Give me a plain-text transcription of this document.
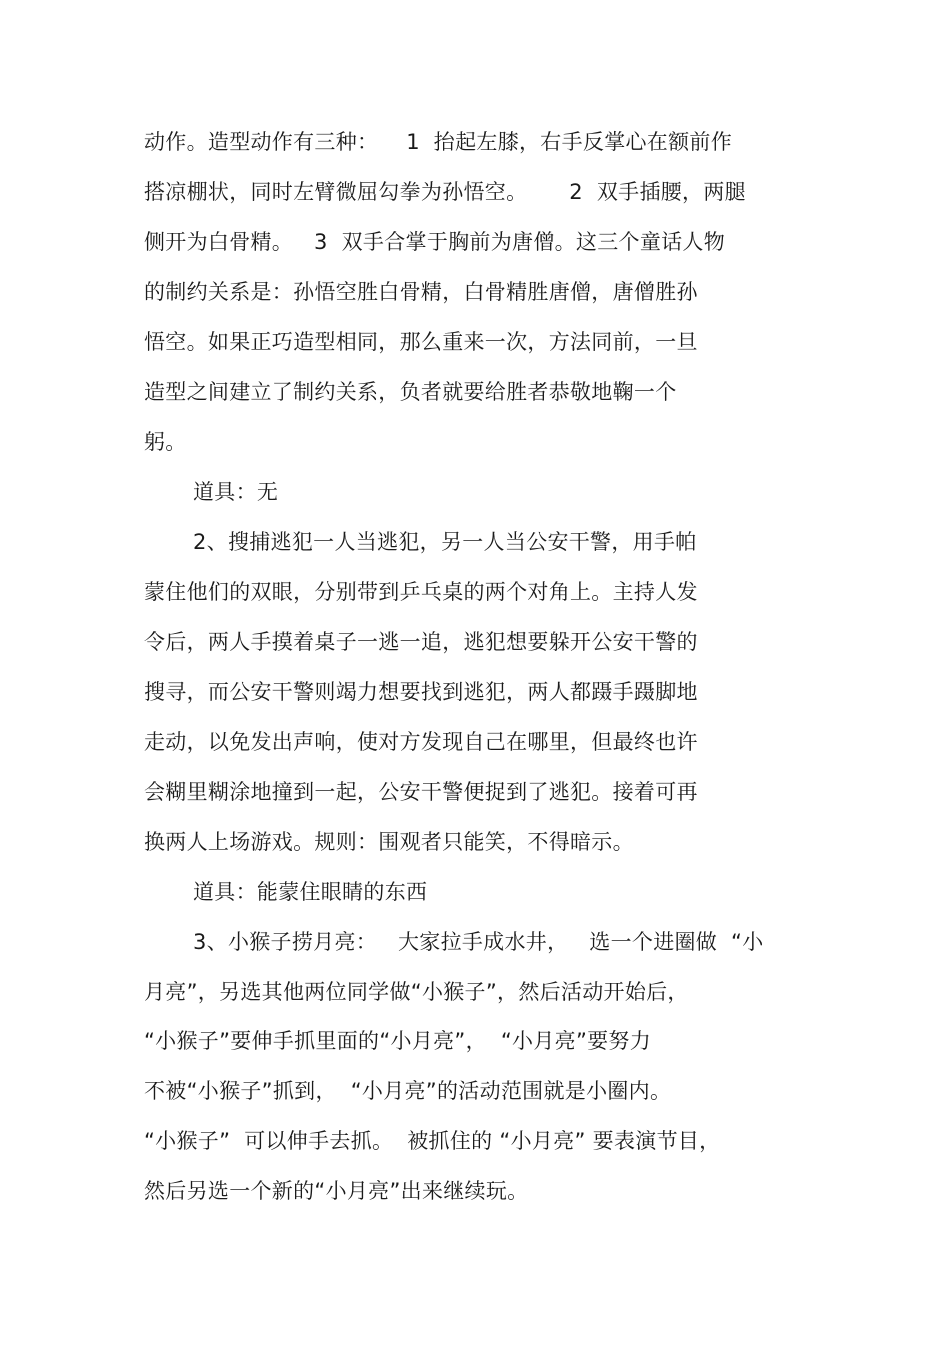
动作。造型动作有三种：    1  抬起左膝，右手反掌心在额前作
搭凉棚状，同时左臂微屈勾拳为孙悟空。      2  双手插腰，两腿
侧开为白骨精。   3  双手合掌于胸前为唐僧。这三个童话人物
的制约关系是：孙悟空胜白骨精，白骨精胜唐僧，唐僧胜孙
悟空。如果正巧造型相同，那么重来一次，方法同前，一旦
造型之间建立了制约关系，负者就要给胜者恭敬地鞠一个
躬。
道具：无
2、搜捕逃犯一人当逃犯，另一人当公安干警，用手帕
蒙住他们的双眼，分别带到乒乓桌的两个对角上。主持人发
令后，两人手摸着桌子一逃一追，逃犯想要躲开公安干警的
搜寻，而公安干警则竭力想要找到逃犯，两人都蹑手蹑脚地
走动，以免发出声响，使对方发现自己在哪里，但最终也许
会糊里糊涂地撞到一起，公安干警便捉到了逃犯。接着可再
换两人上场游戏。规则：围观者只能笑，不得暗示。
道具：能蒙住眼睛的东西
3、小猴子捞月亮：   大家拉手成水井，   选一个进圈做  “小
月亮”，另选其他两位同学做“小猴子”，然后活动开始后，
“小猴子”要伸手抓里面的“小月亮”，  “小月亮”要努力
不被“小猴子”抓到，  “小月亮”的活动范围就是小圈内。
“小猴子”  可以伸手去抓。  被抓住的 “小月亮” 要表演节目，
然后另选一个新的“小月亮”出来继续玩。
